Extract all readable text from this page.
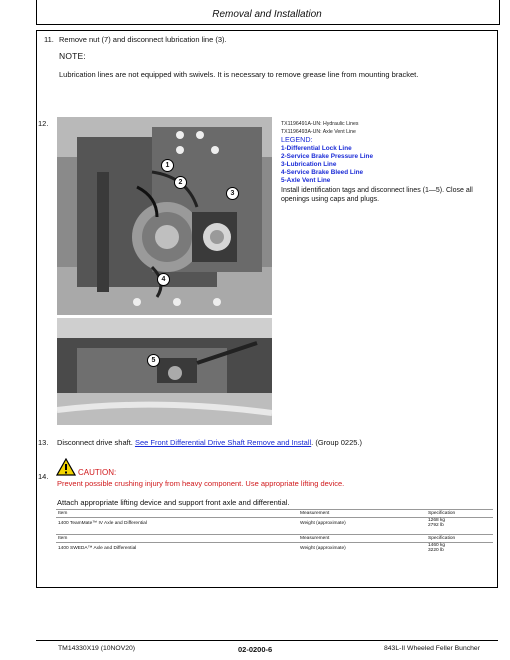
Removal and Installation
11. Remove nut (7) and disconnect lubrication line (3).
NOTE:
Lubrication lines are not equipped with swivels. It is necessary to remove grease line from mounting bracket.
12.
1
2
3
4
5
TX1196491A-UN: Hydraulic Lines
TX1196493A-UN: Axle Vent Line
LEGEND:
1-Differential Lock Line
2-Service Brake Pressure Line
3-Lubrication Line
4-Service Brake Bleed Line
5-Axle Vent Line
Install identification tags and disconnect lines (1—5). Close all openings using caps and plugs.
13. Disconnect drive shaft. See Front Differential Drive Shaft Remove and Install. (Group 0225.)
14.	CAUTION:
Prevent possible crushing injury from heavy component. Use appropriate lifting device.
Attach appropriate lifting device and support front axle and differential.
Item	Measurement	Specification
1400 TeamMate™ IV Axle and Differential	Weight (approximate)	1268 kg
2792 lb
Item	Measurement	Specification
1400 SWEDA™ Axle and Differential	Weight (approximate)	1460 kg
3220 lb
TM14330X19 (10NOV20)	02-0200-6	843L-II Wheeled Feller Buncher
